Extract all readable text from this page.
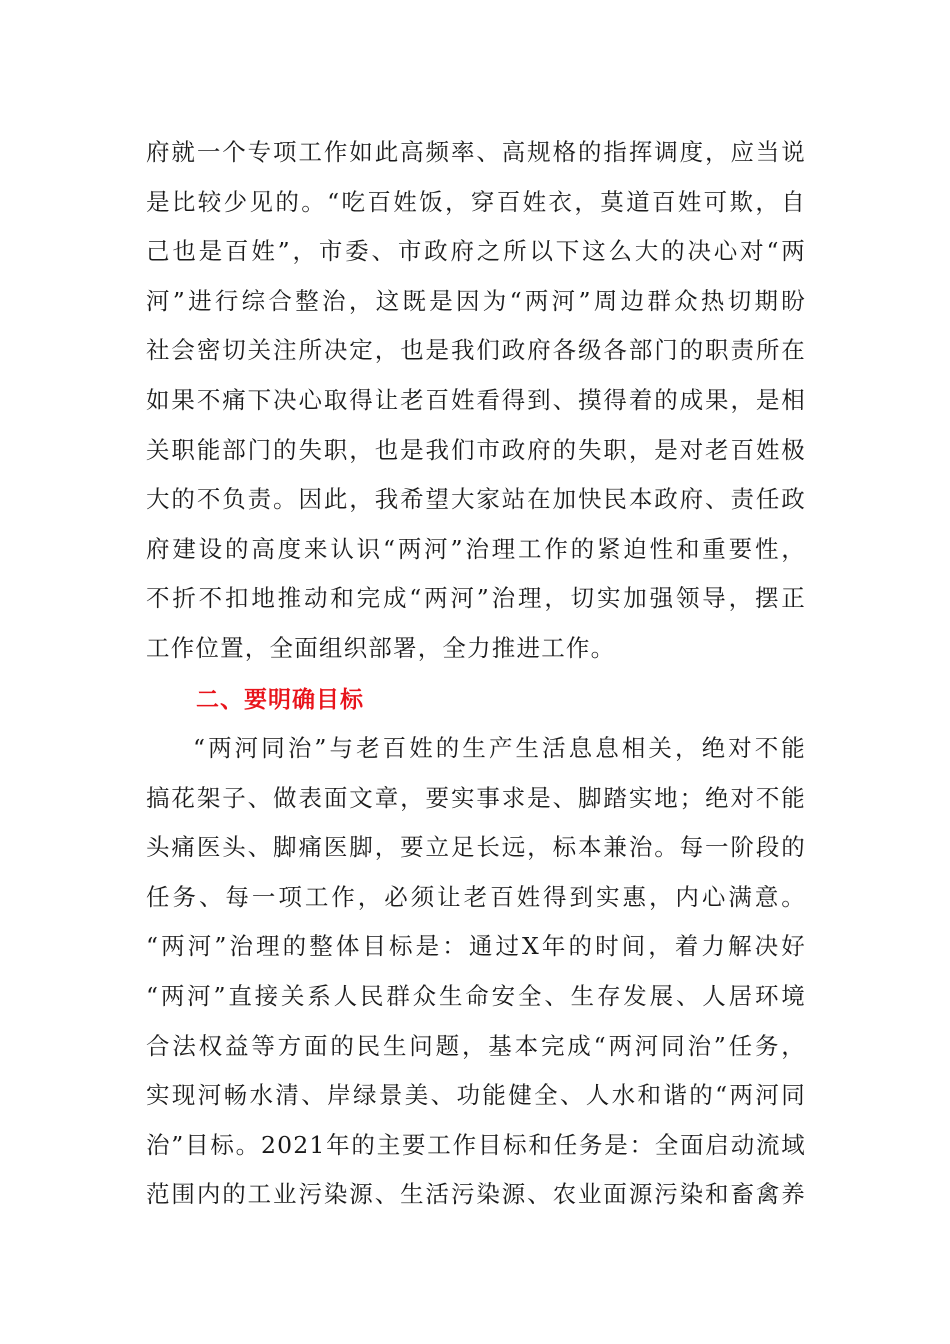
府就一个专项工作如此高频率、高规格的指挥调度，应当说
是比较少见的。“吃百姓饭，穿百姓衣，莫道百姓可欺，自
己也是百姓”，市委、市政府之所以下这么大的决心对“两
河”进行综合整治，这既是因为“两河”周边群众热切期盼
社会密切关注所决定，也是我们政府各级各部门的职责所在
如果不痛下决心取得让老百姓看得到、摸得着的成果，是相
关职能部门的失职，也是我们市政府的失职，是对老百姓极
大的不负责。因此，我希望大家站在加快民本政府、责任政
府建设的高度来认识“两河”治理工作的紧迫性和重要性，
不折不扣地推动和完成“两河”治理，切实加强领导，摆正
工作位置，全面组织部署，全力推进工作。
二、要明确目标
“两河同治”与老百姓的生产生活息息相关，绝对不能
搞花架子、做表面文章，要实事求是、脚踏实地；绝对不能
头痛医头、脚痛医脚，要立足长远，标本兼治。每一阶段的
任务、每一项工作，必须让老百姓得到实惠，内心满意。
“两河”治理的整体目标是：通过X年的时间，着力解决好
“两河”直接关系人民群众生命安全、生存发展、人居环境
合法权益等方面的民生问题，基本完成“两河同治”任务，
实现河畅水清、岸绿景美、功能健全、人水和谐的“两河同
治”目标。2021年的主要工作目标和任务是：全面启动流域
范围内的工业污染源、生活污染源、农业面源污染和畜禽养
